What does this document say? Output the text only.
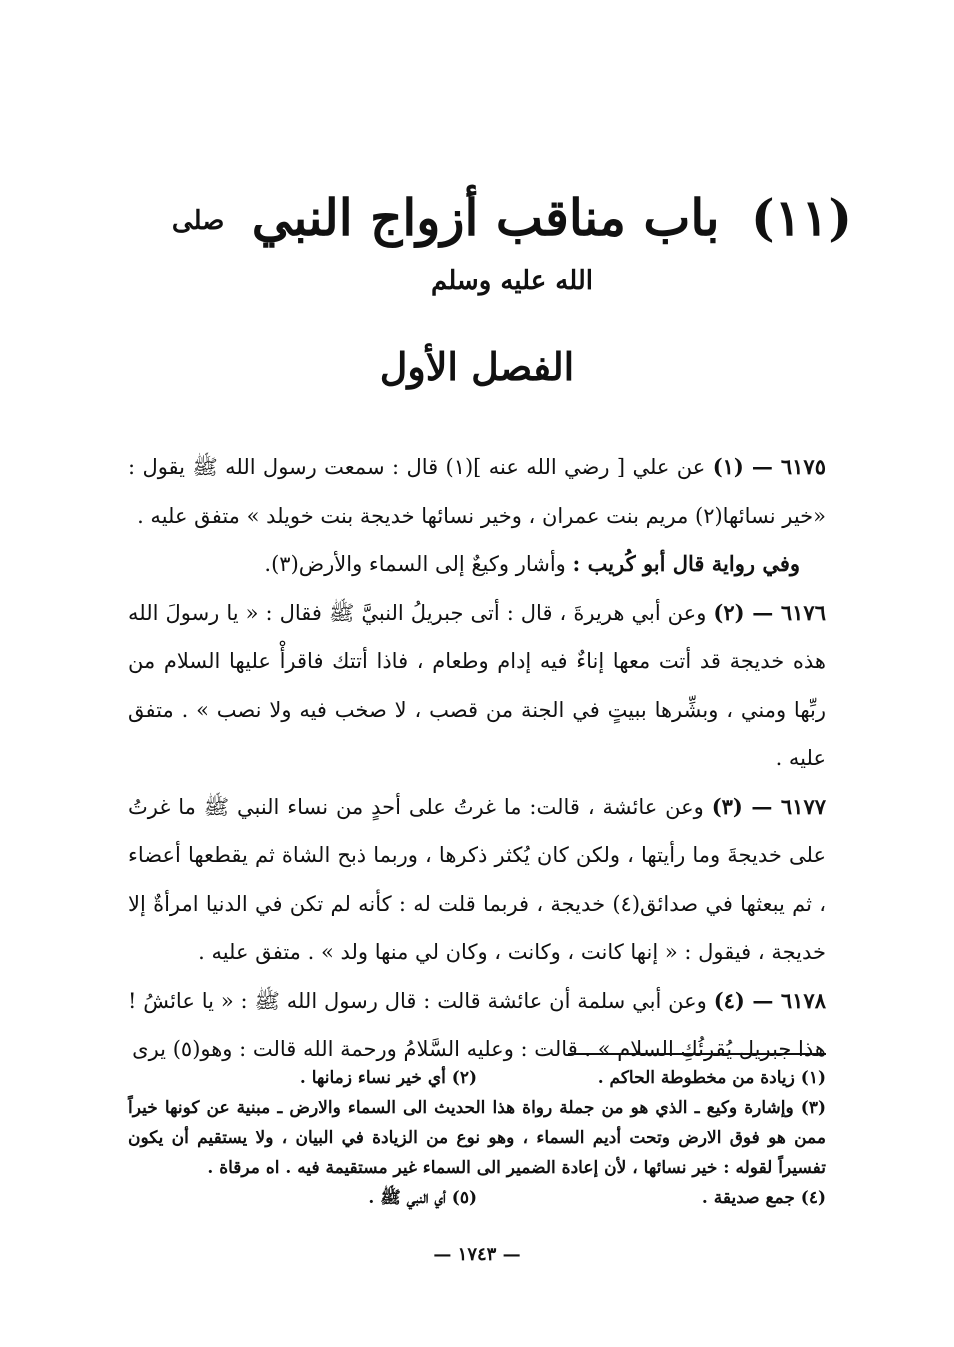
(١١) باب مناقب أزواج النبي صلى الله عليه وسلم
الفصل الأول

٦١٧٥ — (١) عن علي [ رضي الله عنه ](١) قال : سمعت رسول الله ﷺ يقول : «خير نسائها(٢) مريم بنت عمران ، وخير نسائها خديجة بنت خويلد » متفق عليه .

وفي رواية قال أبو كُريب : وأشار وكيعٌ إلى السماء والأرض(٣).

٦١٧٦ — (٢) وعن أبي هريرةَ ، قال : أتى جبريلُ النبيَّ ﷺ فقال : « يا رسولَ الله هذه خديجة قد أتت معها إناءٌ فيه إدام وطعام ، فاذا أتتك فاقرأْ عليها السلام من ربِّها ومني ، وبشِّرها ببيتٍ في الجنة من قصب ، لا صخب فيه ولا نصب » . متفق عليه .

٦١٧٧ — (٣) وعن عائشة ، قالت: ما غرتُ على أحدٍ من نساء النبي ﷺ ما غرتُ على خديجةَ وما رأيتها ، ولكن كان يُكثر ذكرها ، وربما ذبح الشاة ثم يقطعها أعضاء ، ثم يبعثها في صدائق(٤) خديجة ، فربما قلت له : كأنه لم تكن في الدنيا امرأةٌ إلا خديجة ، فيقول : « إنها كانت ، وكانت ، وكان لي منها ولد » . متفق عليه .

٦١٧٨ — (٤) وعن أبي سلمة أن عائشة قالت : قال رسول الله ﷺ : « يا عائشُ ! هذا جبريل يُقرئُكِ السلام » . قالت : وعليه السَّلامُ ورحمة الله قالت : وهو(٥) يرى

(١) زيادة من مخطوطة الحاكم .
(٢) أي خير نساء زمانها .

(٣) وإشارة وكيع ـ الذي هو من جملة رواة هذا الحديث الى السماء والارض ـ مبنية عن كونها خيراً ممن هو فوق الارض وتحت أديم السماء ، وهو نوع من الزيادة في البيان ، ولا يستقيم أن يكون تفسيراً لقوله : خير نسائها ، لأن إعادة الضمير الى السماء غير مستقيمة فيه . اه مرقاة .

(٤) جمع صديقة .
(٥) أي النبي ﷺ .
— ١٧٤٣ —
